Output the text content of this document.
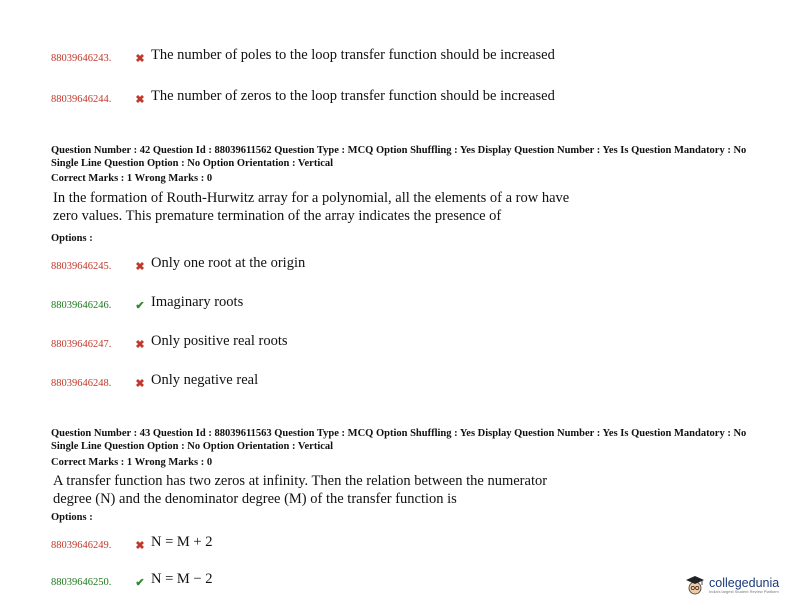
88039646243.	✖ The number of poles to the loop transfer function should be increased
88039646244.	✖ The number of zeros to the loop transfer function should be increased
Question Number : 42 Question Id : 88039611562 Question Type : MCQ Option Shuffling : Yes Display Question Number : Yes Is Question Mandatory : No Single Line Question Option : No Option Orientation : Vertical
Correct Marks : 1 Wrong Marks : 0
In the formation of Routh-Hurwitz array for a polynomial, all the elements of a row have
zero values. This premature termination of the array indicates the presence of
Options :
88039646245.	✖ Only one root at the origin
88039646246.	✔ Imaginary roots
88039646247.	✖ Only positive real roots
88039646248.	✖ Only negative real
Question Number : 43 Question Id : 88039611563 Question Type : MCQ Option Shuffling : Yes Display Question Number : Yes Is Question Mandatory : No Single Line Question Option : No Option Orientation : Vertical
Correct Marks : 1 Wrong Marks : 0
A transfer function has two zeros at infinity. Then the relation between the numerator
degree (N) and the denominator degree (M) of the transfer function is
Options :
88039646249.	✖ N = M + 2
88039646250.	✔ N = M − 2	collegedunia
India's largest Student Review Platform
